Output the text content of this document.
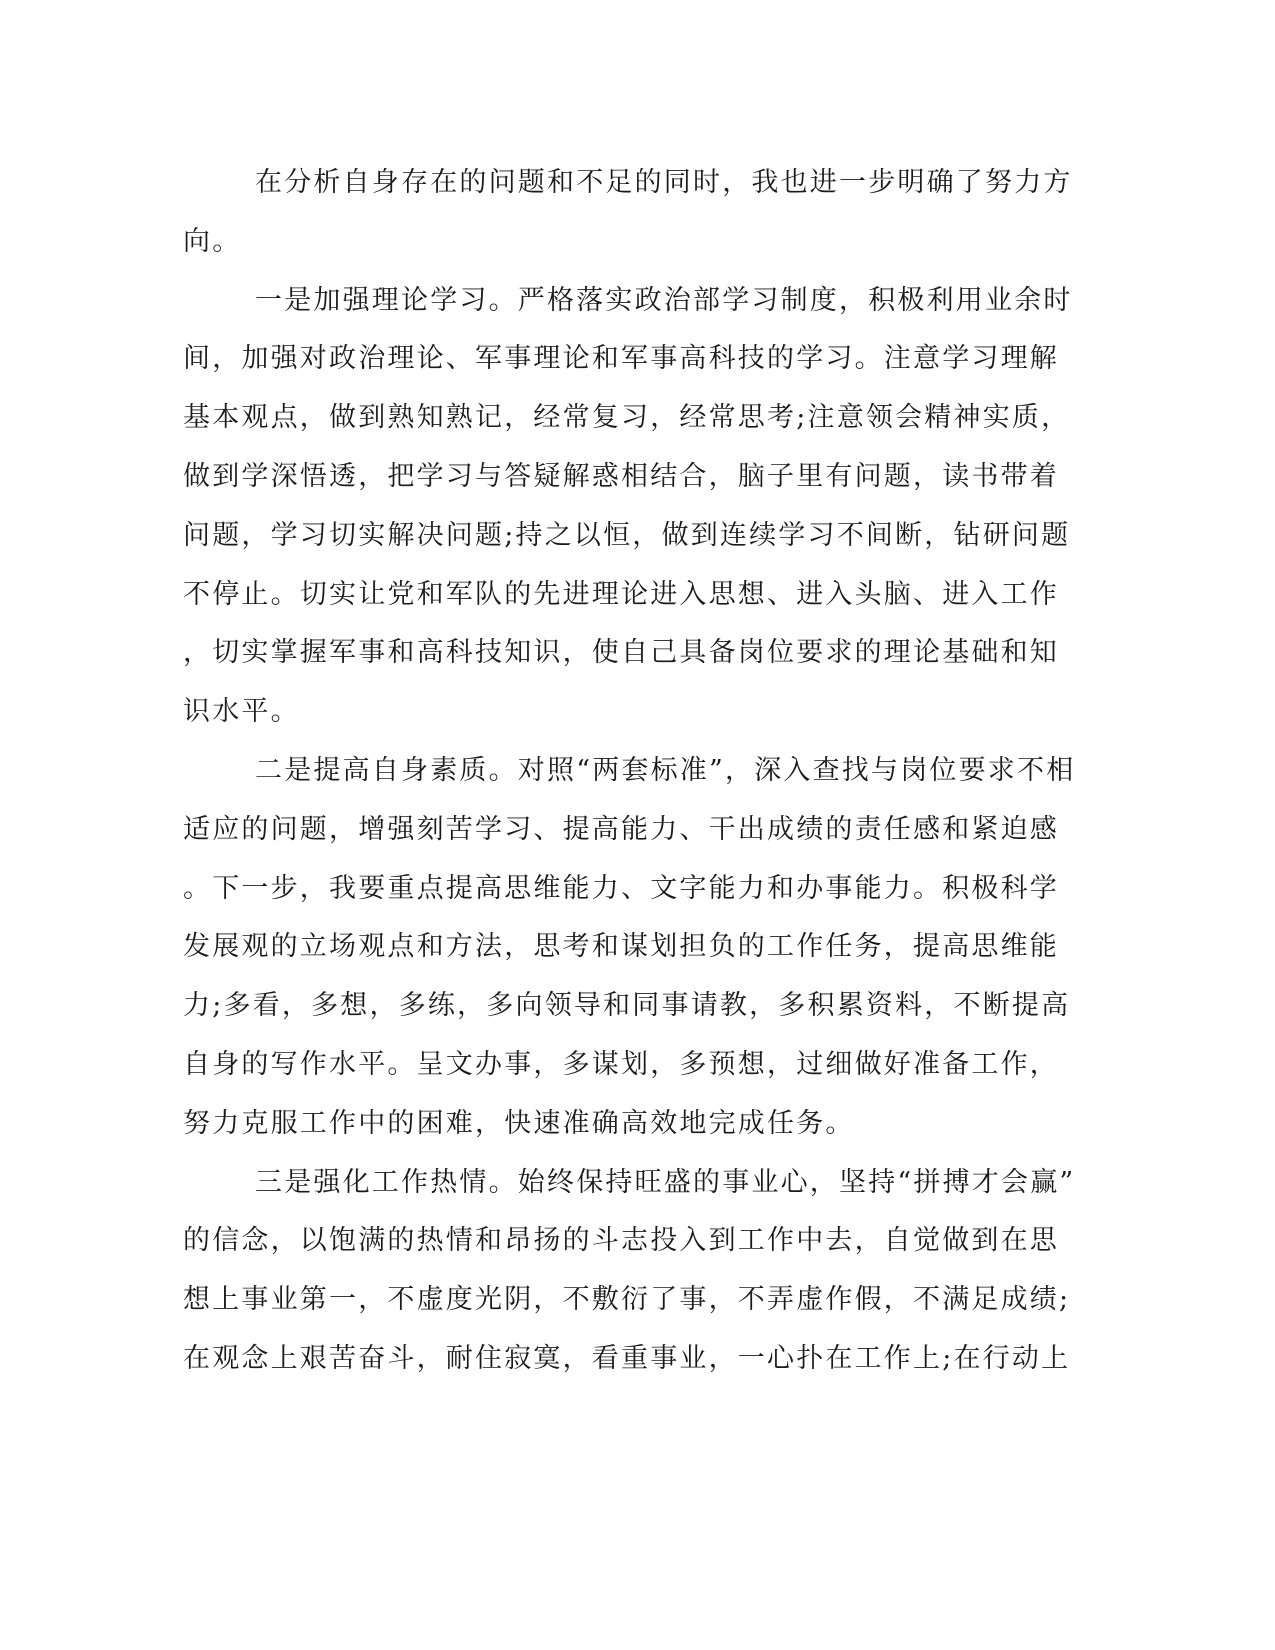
在分析自身存在的问题和不足的同时，我也进一步明确了努力方
向。
一是加强理论学习。严格落实政治部学习制度，积极利用业余时
间，加强对政治理论、军事理论和军事高科技的学习。注意学习理解
基本观点，做到熟知熟记，经常复习，经常思考;注意领会精神实质，
做到学深悟透，把学习与答疑解惑相结合，脑子里有问题，读书带着
问题，学习切实解决问题;持之以恒，做到连续学习不间断，钻研问题
不停止。切实让党和军队的先进理论进入思想、进入头脑、进入工作
，切实掌握军事和高科技知识，使自己具备岗位要求的理论基础和知
识水平。
二是提高自身素质。对照“两套标准”，深入查找与岗位要求不相
适应的问题，增强刻苦学习、提高能力、干出成绩的责任感和紧迫感
。下一步，我要重点提高思维能力、文字能力和办事能力。积极科学
发展观的立场观点和方法，思考和谋划担负的工作任务，提高思维能
力;多看，多想，多练，多向领导和同事请教，多积累资料，不断提高
自身的写作水平。呈文办事，多谋划，多预想，过细做好准备工作，
努力克服工作中的困难，快速准确高效地完成任务。
三是强化工作热情。始终保持旺盛的事业心，坚持“拼搏才会赢”
的信念，以饱满的热情和昂扬的斗志投入到工作中去，自觉做到在思
想上事业第一，不虚度光阴，不敷衍了事，不弄虚作假，不满足成绩;
在观念上艰苦奋斗，耐住寂寞，看重事业，一心扑在工作上;在行动上
